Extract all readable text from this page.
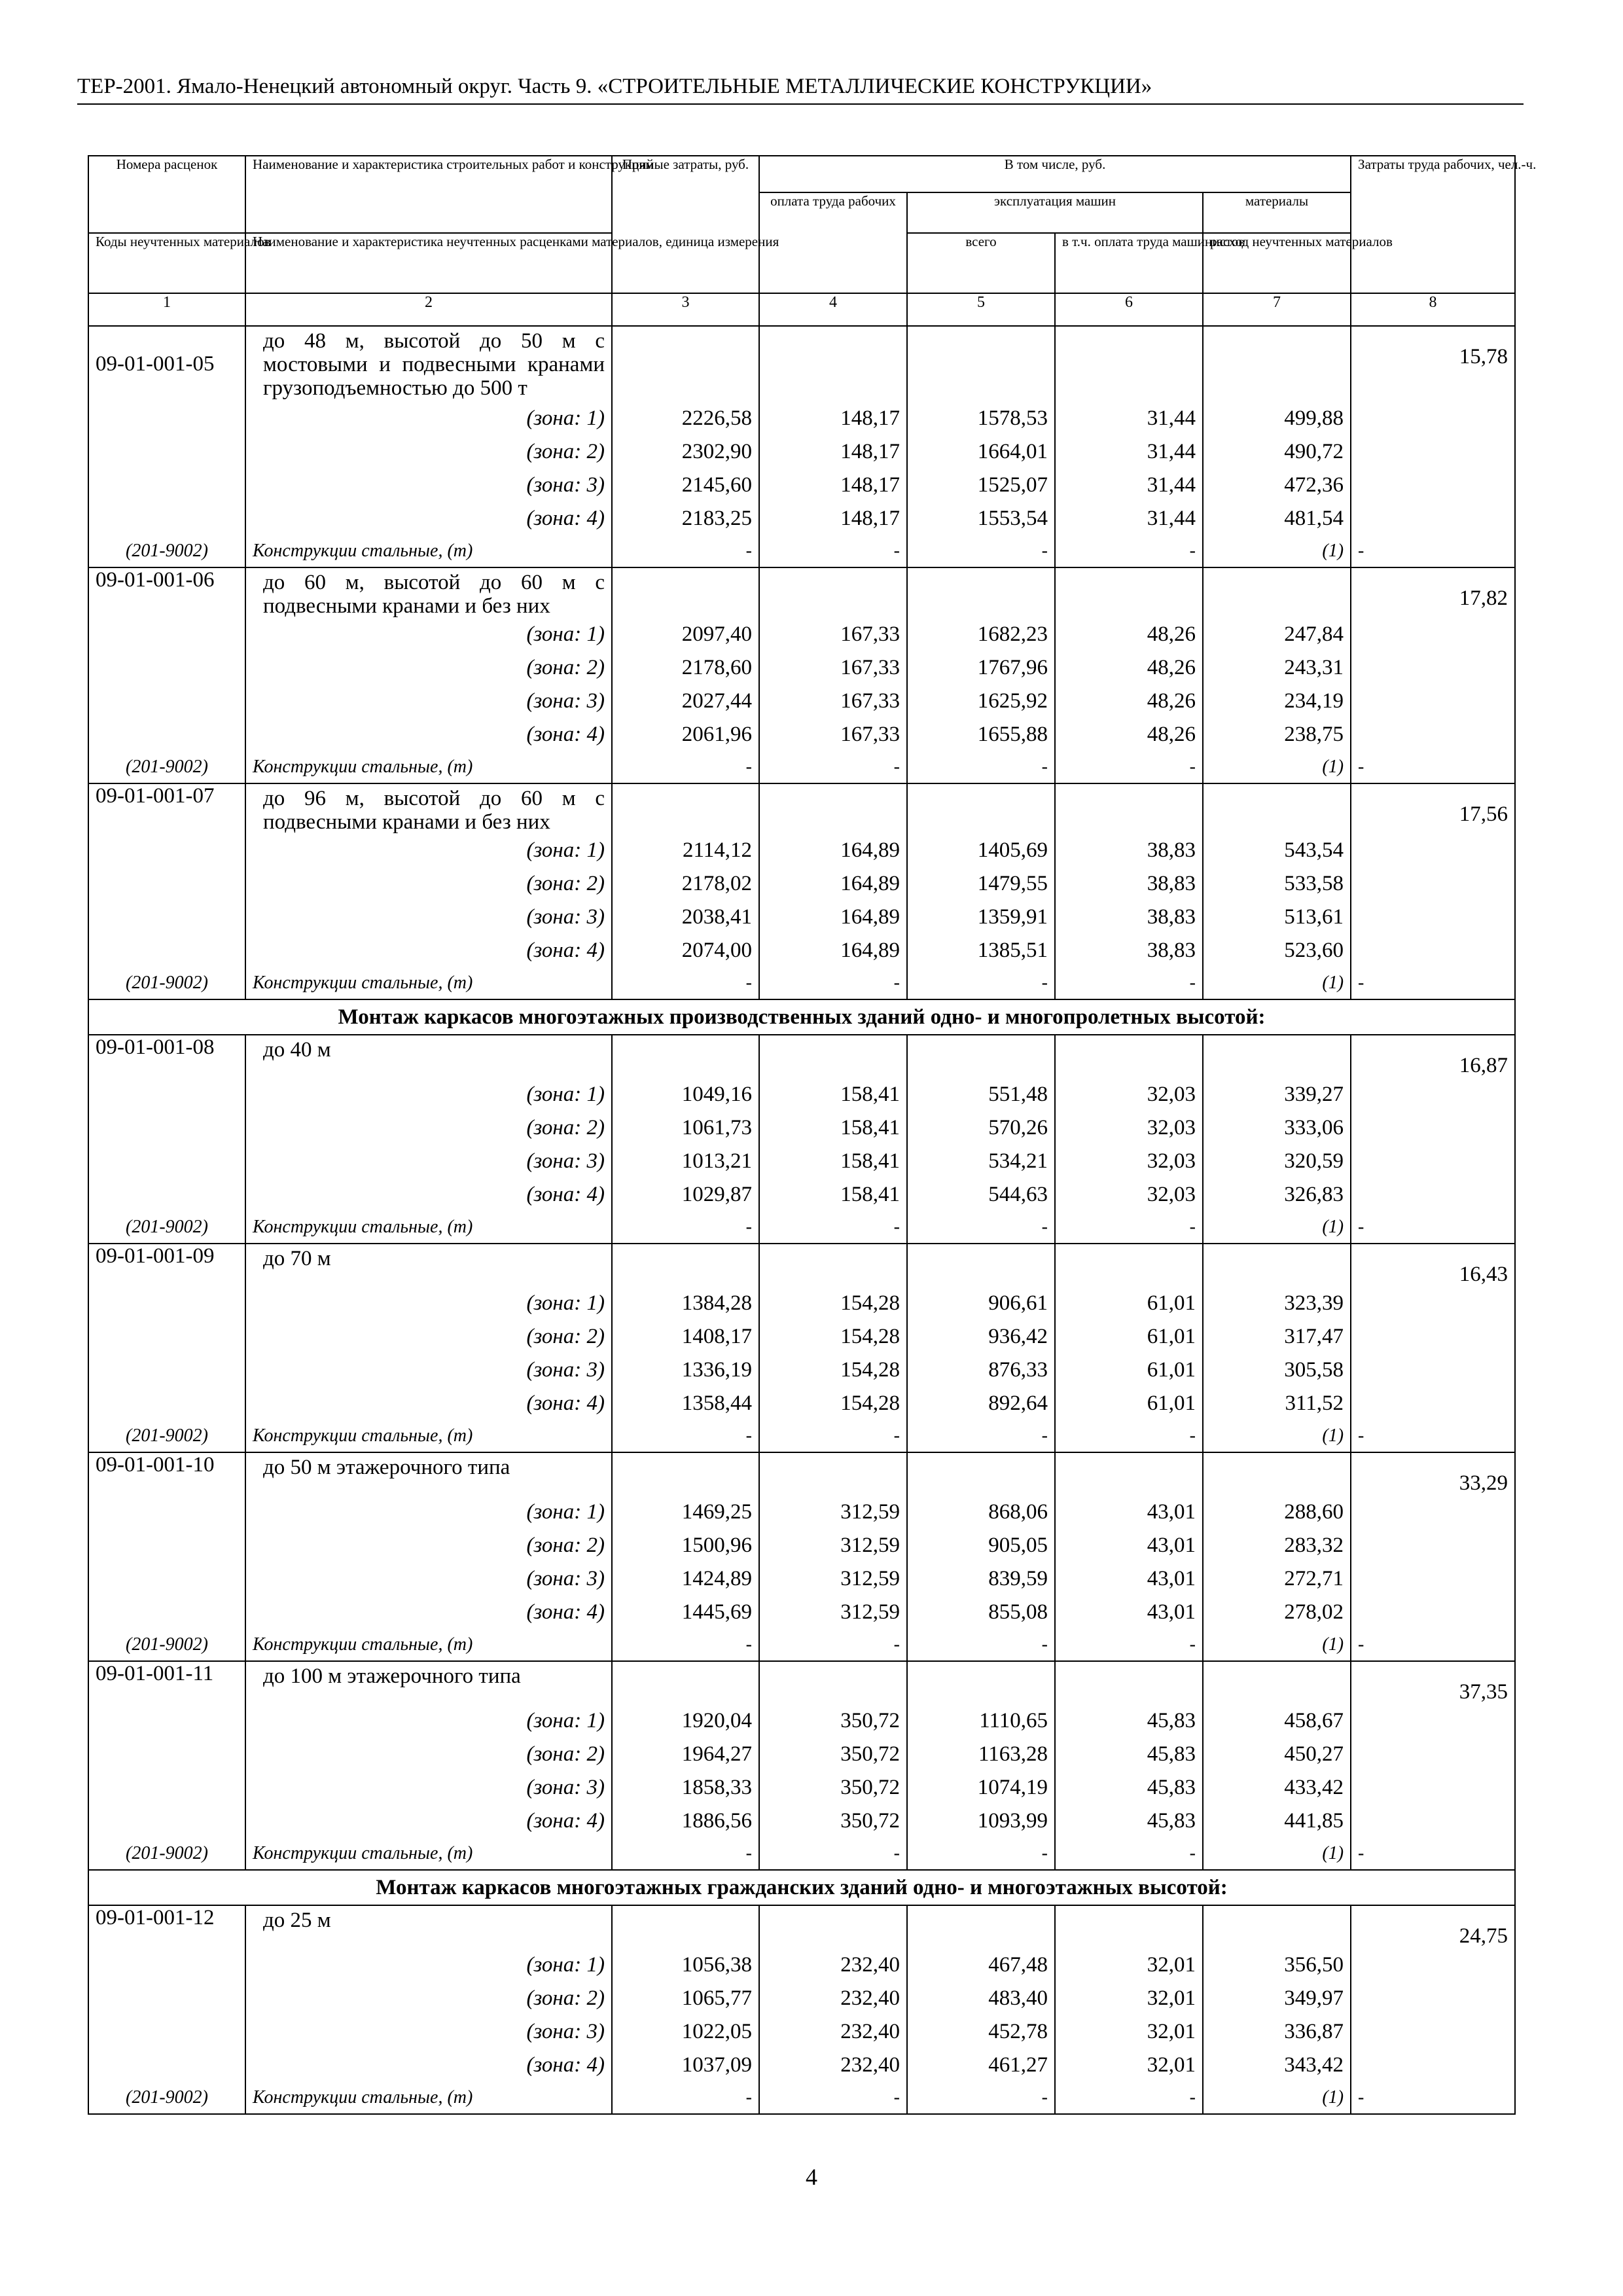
ТЕР-2001. Ямало-Ненецкий автономный округ. Часть 9. «СТРОИТЕЛЬНЫЕ МЕТАЛЛИЧЕСКИЕ КОНСТРУКЦИИ»
Номера расценок	Наименование и характеристика строительных работ и конструкций	Прямые затраты, руб.	В том числе, руб.				Затраты труда рабочих, чел.-ч.
			оплата труда рабочих	эксплуатация машин		материалы	
Коды неучтенных материалов	Наименование и характеристика неучтенных расценками материалов, единица измерения			всего	в т.ч. оплата труда машинистов	расход неучтенных материалов	
1	2	3	4	5	6	7	8
09-01-001-05	до 48 м, высотой до 50 м с мостовыми и подвесными кранами грузоподъемностью до 500 т						15,78
	(зона: 1)	2226,58	148,17	1578,53	31,44	499,88	
	(зона: 2)	2302,90	148,17	1664,01	31,44	490,72	
	(зона: 3)	2145,60	148,17	1525,07	31,44	472,36	
	(зона: 4)	2183,25	148,17	1553,54	31,44	481,54	
(201-9002)	Конструкции стальные, (т)	-	-	-	-	(1)	-
09-01-001-06	до 60 м, высотой до 60 м с подвесными кранами и без них						17,82
	(зона: 1)	2097,40	167,33	1682,23	48,26	247,84	
	(зона: 2)	2178,60	167,33	1767,96	48,26	243,31	
	(зона: 3)	2027,44	167,33	1625,92	48,26	234,19	
	(зона: 4)	2061,96	167,33	1655,88	48,26	238,75	
(201-9002)	Конструкции стальные, (т)	-	-	-	-	(1)	-
09-01-001-07	до 96 м, высотой до 60 м с подвесными кранами и без них						17,56
	(зона: 1)	2114,12	164,89	1405,69	38,83	543,54	
	(зона: 2)	2178,02	164,89	1479,55	38,83	533,58	
	(зона: 3)	2038,41	164,89	1359,91	38,83	513,61	
	(зона: 4)	2074,00	164,89	1385,51	38,83	523,60	
(201-9002)	Конструкции стальные, (т)	-	-	-	-	(1)	-
Монтаж каркасов многоэтажных производственных зданий одно- и многопролетных высотой:							
09-01-001-08	до 40 м						16,87
	(зона: 1)	1049,16	158,41	551,48	32,03	339,27	
	(зона: 2)	1061,73	158,41	570,26	32,03	333,06	
	(зона: 3)	1013,21	158,41	534,21	32,03	320,59	
	(зона: 4)	1029,87	158,41	544,63	32,03	326,83	
(201-9002)	Конструкции стальные, (т)	-	-	-	-	(1)	-
09-01-001-09	до 70 м						16,43
	(зона: 1)	1384,28	154,28	906,61	61,01	323,39	
	(зона: 2)	1408,17	154,28	936,42	61,01	317,47	
	(зона: 3)	1336,19	154,28	876,33	61,01	305,58	
	(зона: 4)	1358,44	154,28	892,64	61,01	311,52	
(201-9002)	Конструкции стальные, (т)	-	-	-	-	(1)	-
09-01-001-10	до 50 м этажерочного типа						33,29
	(зона: 1)	1469,25	312,59	868,06	43,01	288,60	
	(зона: 2)	1500,96	312,59	905,05	43,01	283,32	
	(зона: 3)	1424,89	312,59	839,59	43,01	272,71	
	(зона: 4)	1445,69	312,59	855,08	43,01	278,02	
(201-9002)	Конструкции стальные, (т)	-	-	-	-	(1)	-
09-01-001-11	до 100 м этажерочного типа						37,35
	(зона: 1)	1920,04	350,72	1110,65	45,83	458,67	
	(зона: 2)	1964,27	350,72	1163,28	45,83	450,27	
	(зона: 3)	1858,33	350,72	1074,19	45,83	433,42	
	(зона: 4)	1886,56	350,72	1093,99	45,83	441,85	
(201-9002)	Конструкции стальные, (т)	-	-	-	-	(1)	-
Монтаж каркасов многоэтажных гражданских зданий одно- и многоэтажных высотой:							
09-01-001-12	до 25 м						24,75
	(зона: 1)	1056,38	232,40	467,48	32,01	356,50	
	(зона: 2)	1065,77	232,40	483,40	32,01	349,97	
	(зона: 3)	1022,05	232,40	452,78	32,01	336,87	
	(зона: 4)	1037,09	232,40	461,27	32,01	343,42	
(201-9002)	Конструкции стальные, (т)	-	-	-	-	(1)	-
4
